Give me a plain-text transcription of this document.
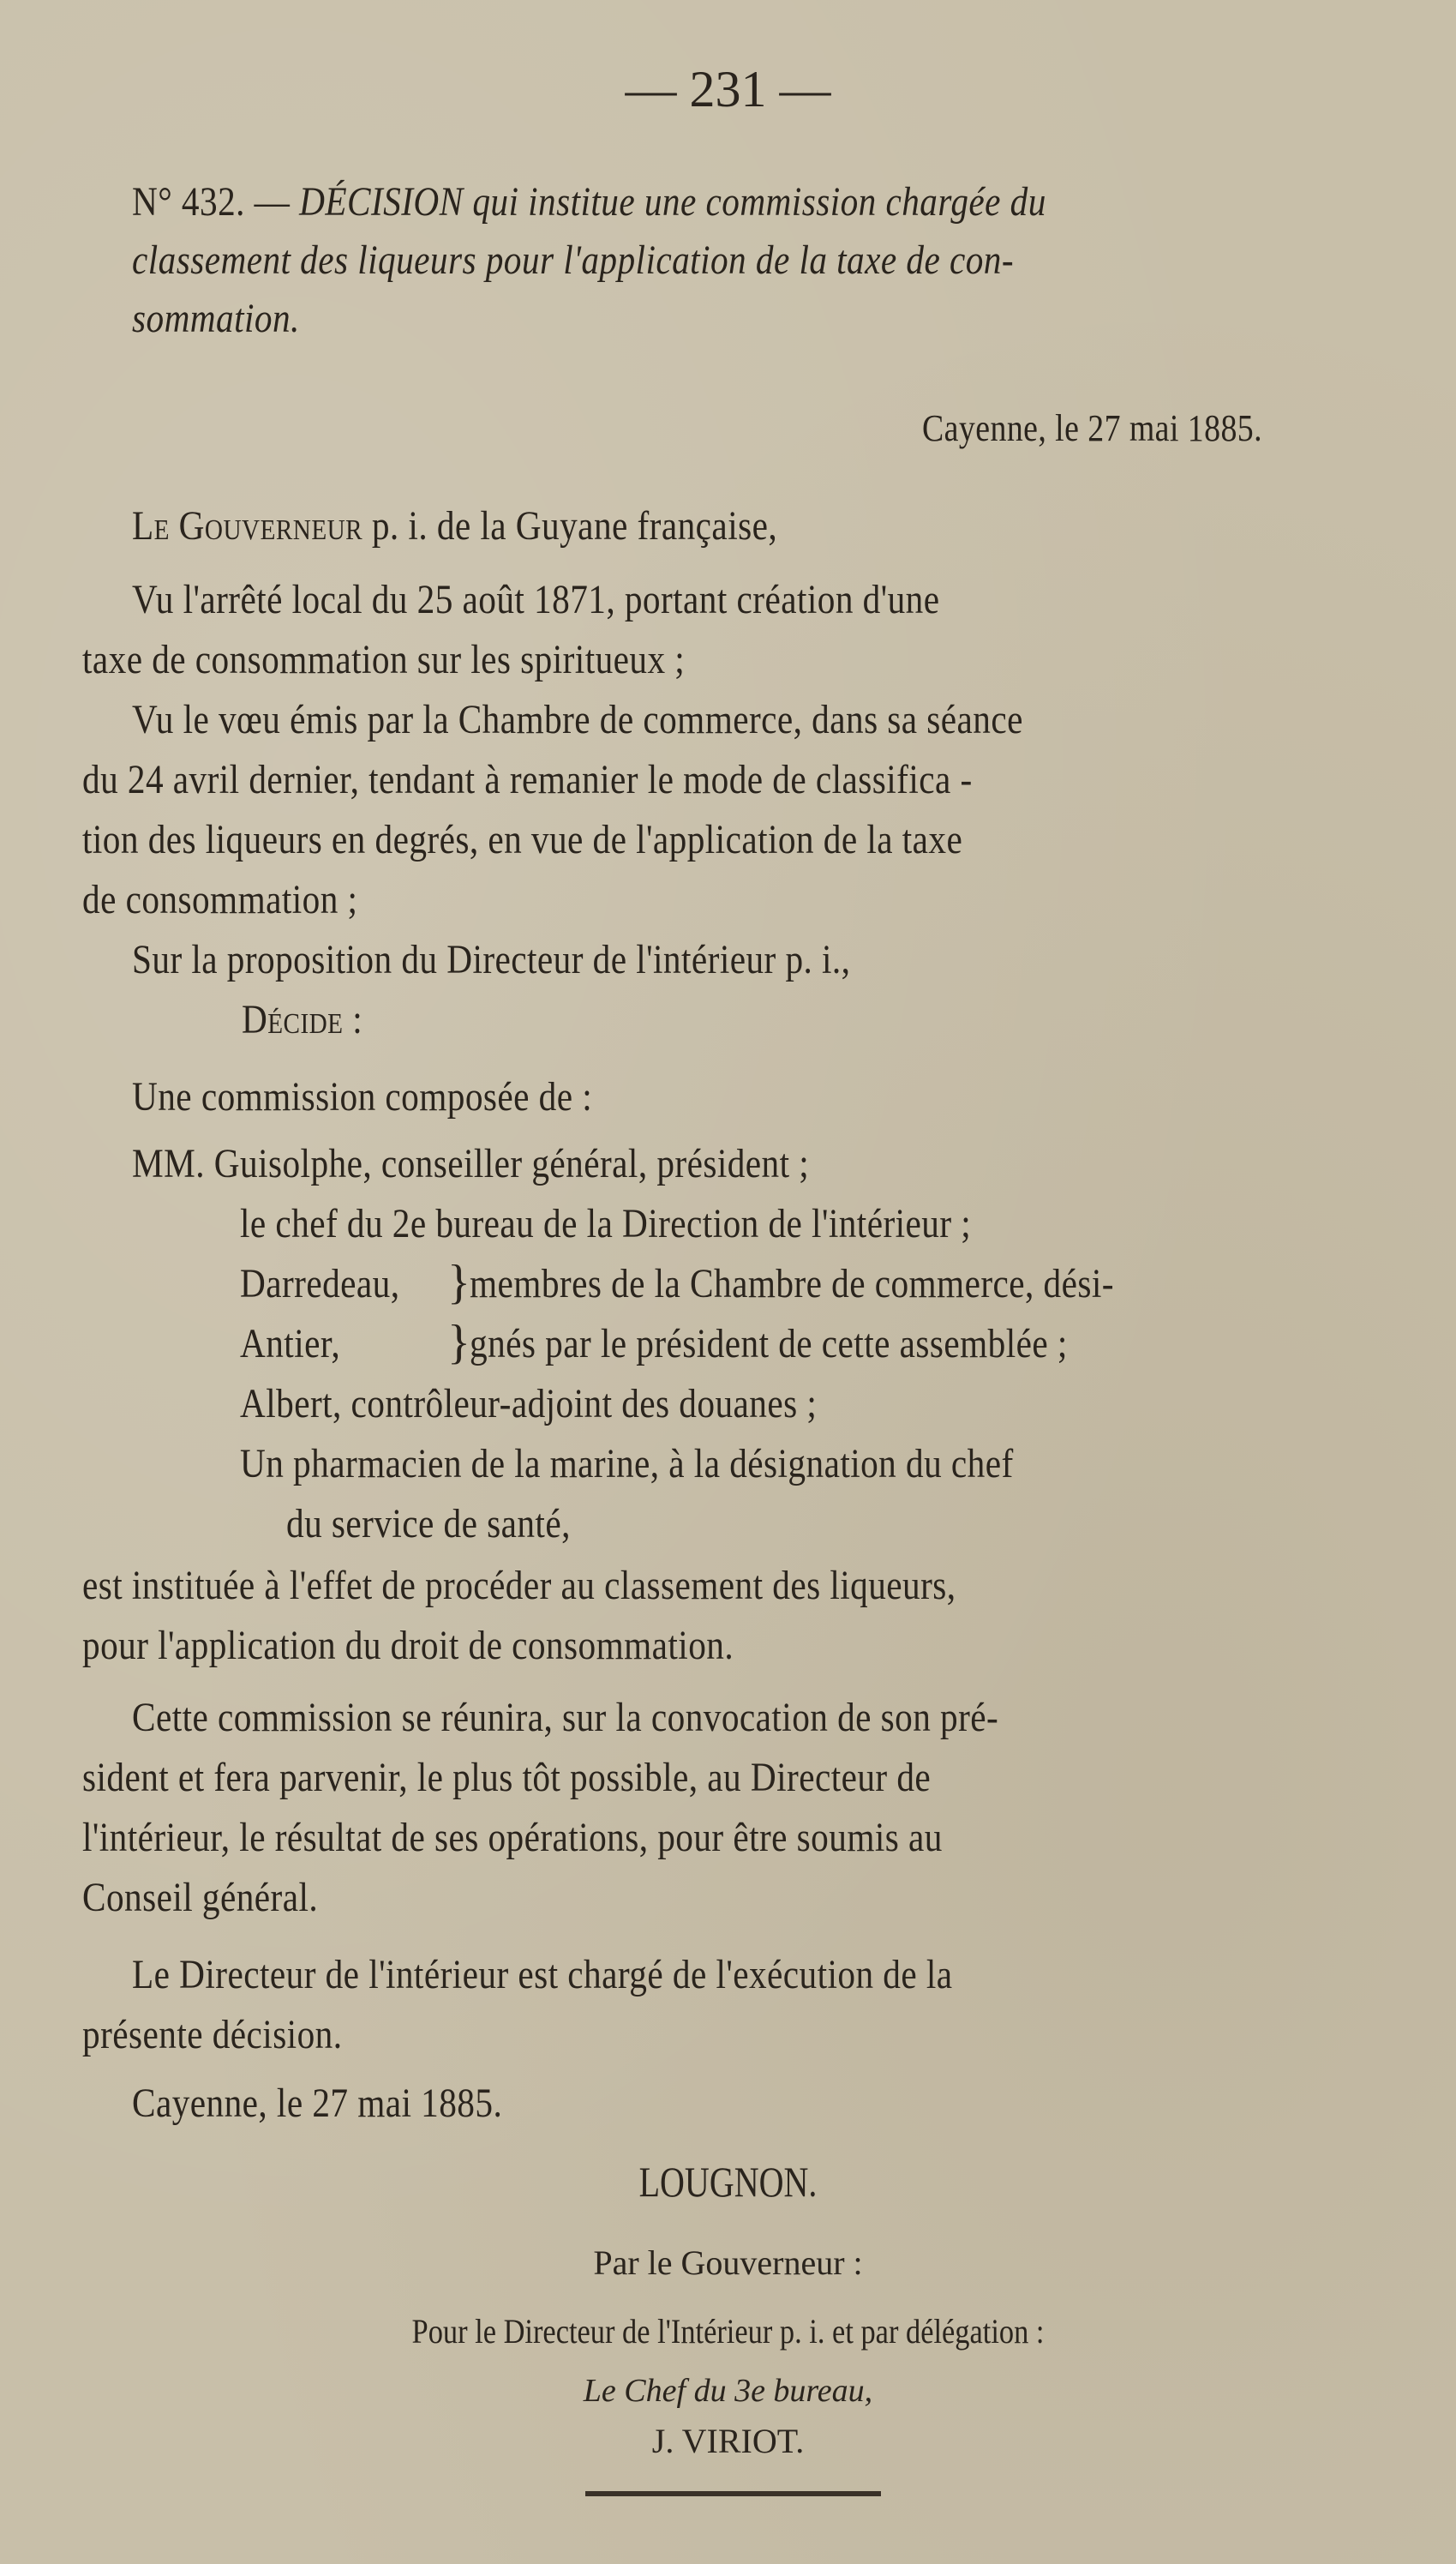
— 231 —
N° 432. — DÉCISION qui institue une commission chargée du
classement des liqueurs pour l'application de la taxe de con-
sommation.
Cayenne, le 27 mai 1885.
Le Gouverneur p. i. de la Guyane française,
Vu l'arrêté local du 25 août 1871, portant création d'une
taxe de consommation sur les spiritueux ;
Vu le vœu émis par la Chambre de commerce, dans sa séance
du 24 avril dernier, tendant à remanier le mode de classifica -
tion des liqueurs en degrés, en vue de l'application de la taxe
de consommation ;
Sur la proposition du Directeur de l'intérieur p. i.,
Décide :
Une commission composée de :
MM. Guisolphe, conseiller général, président ;
le chef du 2e bureau de la Direction de l'intérieur ;
Darredeau, } membres de la Chambre de commerce, dési-
Antier, } gnés par le président de cette assemblée ;
Albert, contrôleur-adjoint des douanes ;
Un pharmacien de la marine, à la désignation du chef
du service de santé,
est instituée à l'effet de procéder au classement des liqueurs,
pour l'application du droit de consommation.
Cette commission se réunira, sur la convocation de son pré-
sident et fera parvenir, le plus tôt possible, au Directeur de
l'intérieur, le résultat de ses opérations, pour être soumis au
Conseil général.
Le Directeur de l'intérieur est chargé de l'exécution de la
présente décision.
Cayenne, le 27 mai 1885.
LOUGNON.
Par le Gouverneur :
Pour le Directeur de l'Intérieur p. i. et par délégation :
Le Chef du 3e bureau,
J. VIRIOT.
